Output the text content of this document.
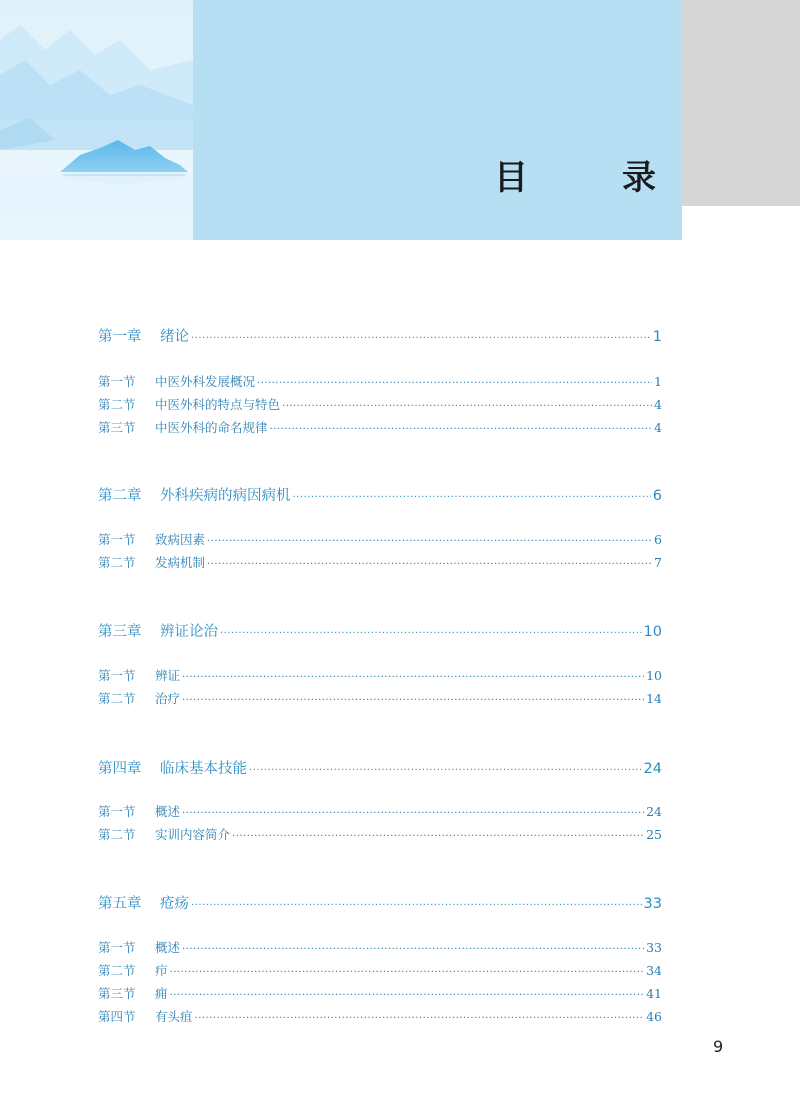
目　录
第一章	绪论 ·····	1
第一节	中医外科发展概况 ·····	1
第二节	中医外科的特点与特色 ·····	4
第三节	中医外科的命名规律 ·····	4
第二章	外科疾病的病因病机 ·····	6
第一节	致病因素 ·····	6
第二节	发病机制 ·····	7
第三章	辨证论治 ·····	10
第一节	辨证 ·····	10
第二节	治疗 ·····	14
第四章	临床基本技能 ·····	24
第一节	概述 ·····	24
第二节	实训内容简介 ·····	25
第五章	疮疡 ·····	33
第一节	概述 ·····	33
第二节	疖 ·····	34
第三节	痈 ·····	41
第四节	有头疽 ·····	46
9
